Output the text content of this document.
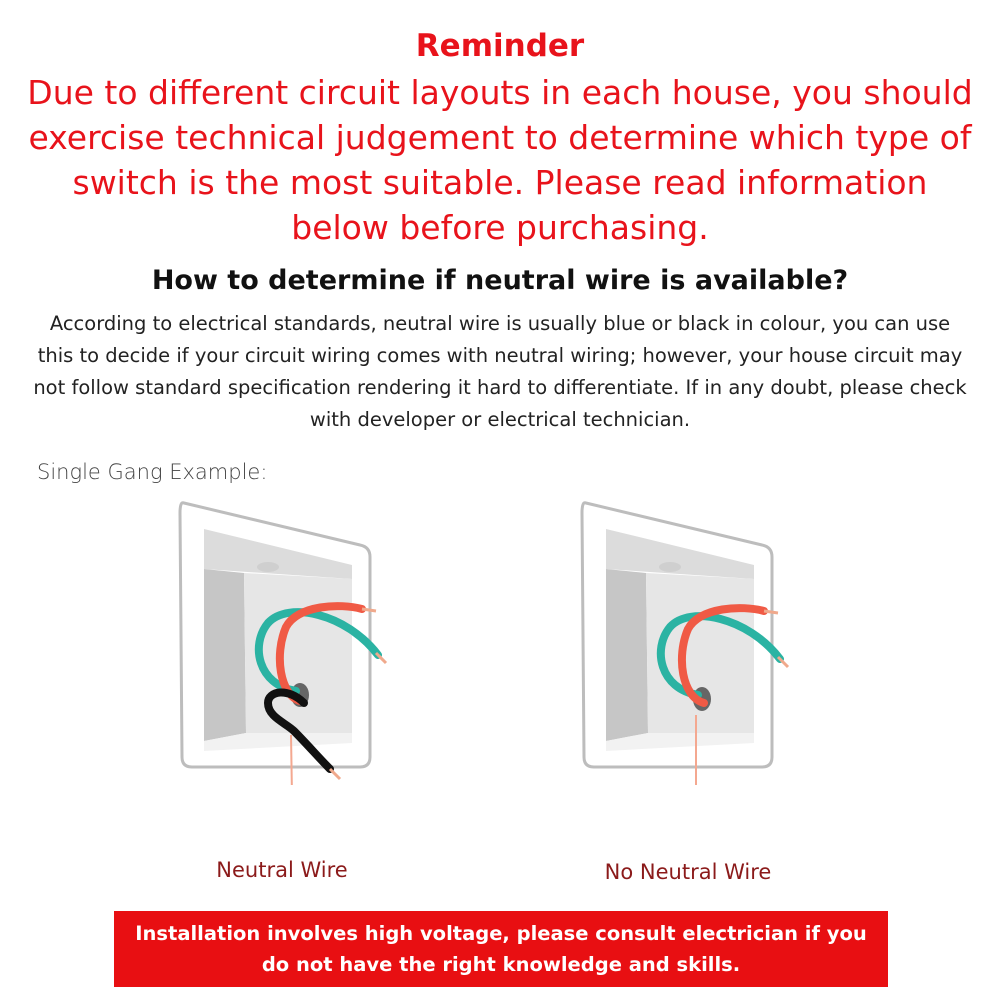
Reminder
Due to different circuit layouts in each house, you should exercise technical judgement to determine which type of switch is the most suitable. Please read information below before purchasing.
How to determine if neutral wire is available?
According to electrical standards, neutral wire is usually blue or black in colour, you can use this to decide if your circuit wiring comes with neutral wiring; however, your house circuit may not follow standard specification rendering it hard to differentiate. If in any doubt, please check with developer or electrical technician.
Single Gang Example:
Neutral Wire	No Neutral Wire
Installation involves high voltage, please consult electrician if you do not have the right knowledge and skills.
